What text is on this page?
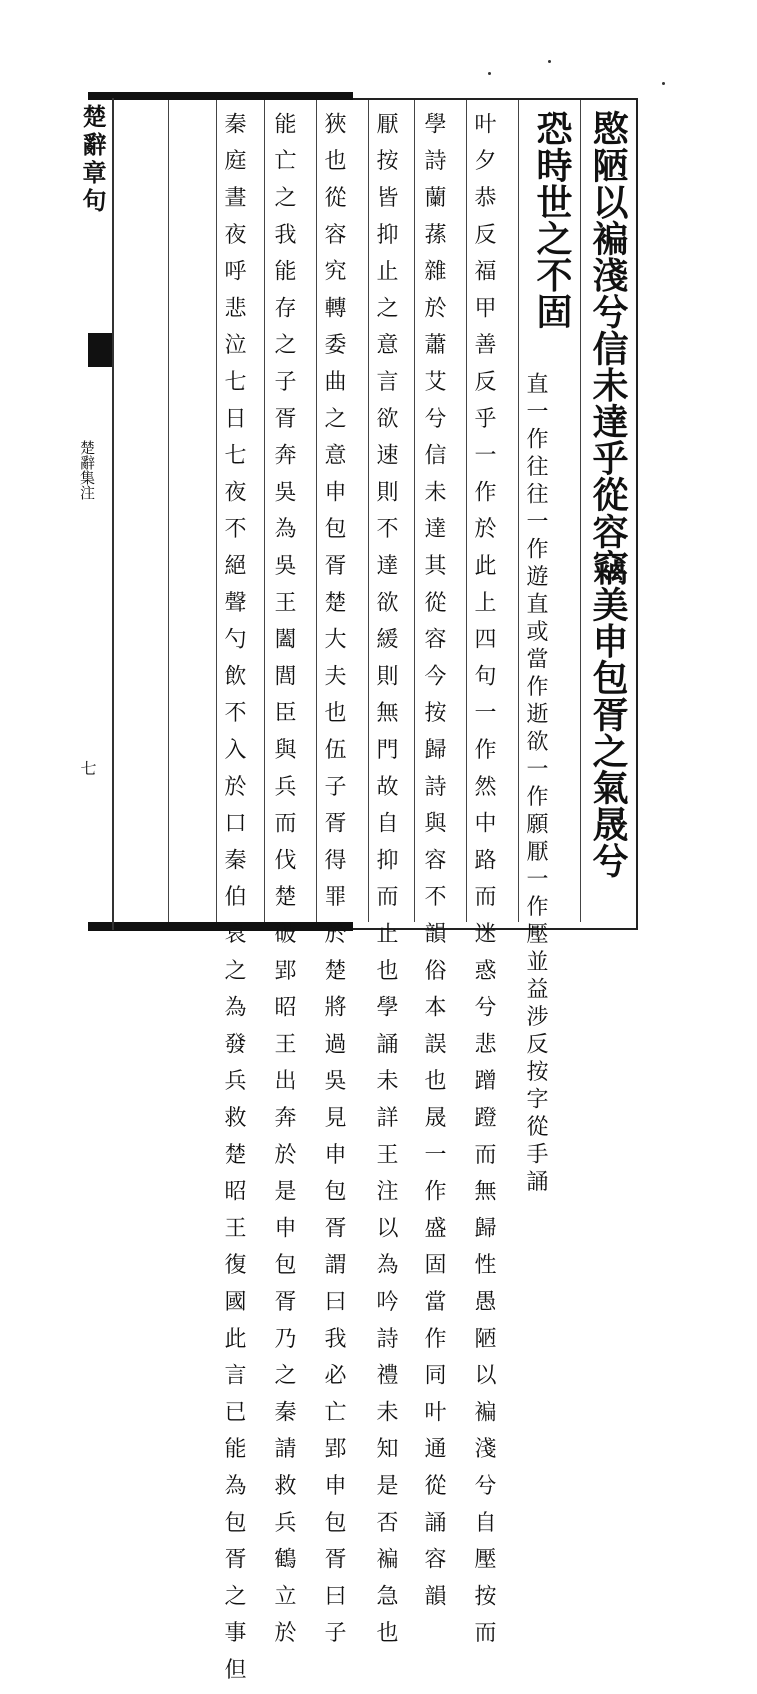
愍陋以褊淺兮信未達乎從容竊美申包胥之氣晟兮
恐時世之不固
直一作往往一作遊直或當作逝欲一作願厭一作壓並益涉反按字從手誦
叶夕恭反福甲善反乎一作於此上四句一作然中路而迷惑兮悲蹭蹬而無歸性愚陋以褊淺兮自壓按而
學詩蘭蓀雜於蕭艾兮信未達其從容今按歸詩與容不韻俗本誤也晟一作盛固當作同叶通從誦容韻
厭按皆抑止之意言欲速則不達欲緩則無門故自抑而止也學誦未詳王注以為吟詩禮未知是否褊急也
狹也從容究轉委曲之意申包胥楚大夫也伍子胥得罪於楚將過吳見申包胥謂曰我必亡郢申包胥曰子
能亡之我能存之子胥奔吳為吳王闔閭臣與兵而伐楚破郢昭王出奔於是申包胥乃之秦請救兵鶴立於
秦庭晝夜呼悲泣七日七夜不絕聲勺飲不入於口秦伯哀之為發兵救楚昭王復國此言已能為包胥之事但
楚辭章句
楚辭集注
七
